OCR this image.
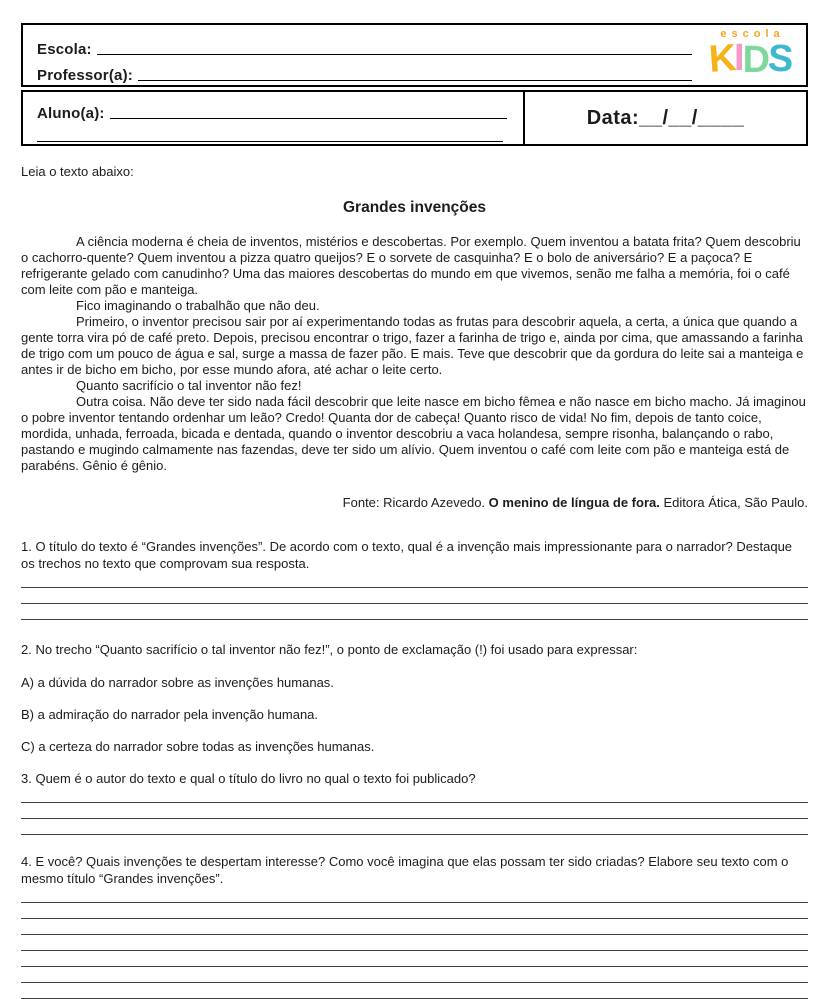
Escola:
Professor(a):
escola
KIDS
Aluno(a):	Data:__/__/____
Leia o texto abaixo:
Grandes invenções

A ciência moderna é cheia de inventos, mistérios e descobertas. Por exemplo. Quem inventou a batata frita? Quem descobriu o cachorro-quente? Quem inventou a pizza quatro queijos? E o sorvete de casquinha? E o bolo de aniversário? E a paçoca? E refrigerante gelado com canudinho? Uma das maiores descobertas do mundo em que vivemos, senão me falha a memória, foi o café com leite com pão e manteiga.

Fico imaginando o trabalhão que não deu.

Primeiro, o inventor precisou sair por aí experimentando todas as frutas para descobrir aquela, a certa, a única que quando a gente torra vira pó de café preto. Depois, precisou encontrar o trigo, fazer a farinha de trigo e, ainda por cima, que amassando a farinha de trigo com um pouco de água e sal, surge a massa de fazer pão. E mais. Teve que descobrir que da gordura do leite sai a manteiga e antes ir de bicho em bicho, por esse mundo afora, até achar o leite certo.

Quanto sacrifício o tal inventor não fez!

Outra coisa. Não deve ter sido nada fácil descobrir que leite nasce em bicho fêmea e não nasce em bicho macho. Já imaginou o pobre inventor tentando ordenhar um leão? Credo! Quanta dor de cabeça! Quanto risco de vida! No fim, depois de tanto coice, mordida, unhada, ferroada, bicada e dentada, quando o inventor descobriu a vaca holandesa, sempre risonha, balançando o rabo, pastando e mugindo calmamente nas fazendas, deve ter sido um alívio. Quem inventou o café com leite com pão e manteiga está de parabéns. Gênio é gênio.

Fonte: Ricardo Azevedo. O menino de língua de fora. Editora Ática, São Paulo.
1. O título do texto é “Grandes invenções”. De acordo com o texto, qual é a invenção mais impressionante para o narrador? Destaque os trechos no texto que comprovam sua resposta.
2. No trecho “Quanto sacrifício o tal inventor não fez!”, o ponto de exclamação (!) foi usado para expressar:
A) a dúvida do narrador sobre as invenções humanas.
B) a admiração do narrador pela invenção humana.
C) a certeza do narrador sobre todas as invenções humanas.
3. Quem é o autor do texto e qual o título do livro no qual o texto foi publicado?
4. E você? Quais invenções te despertam interesse? Como você imagina que elas possam ter sido criadas? Elabore seu texto com o mesmo título “Grandes invenções”.
